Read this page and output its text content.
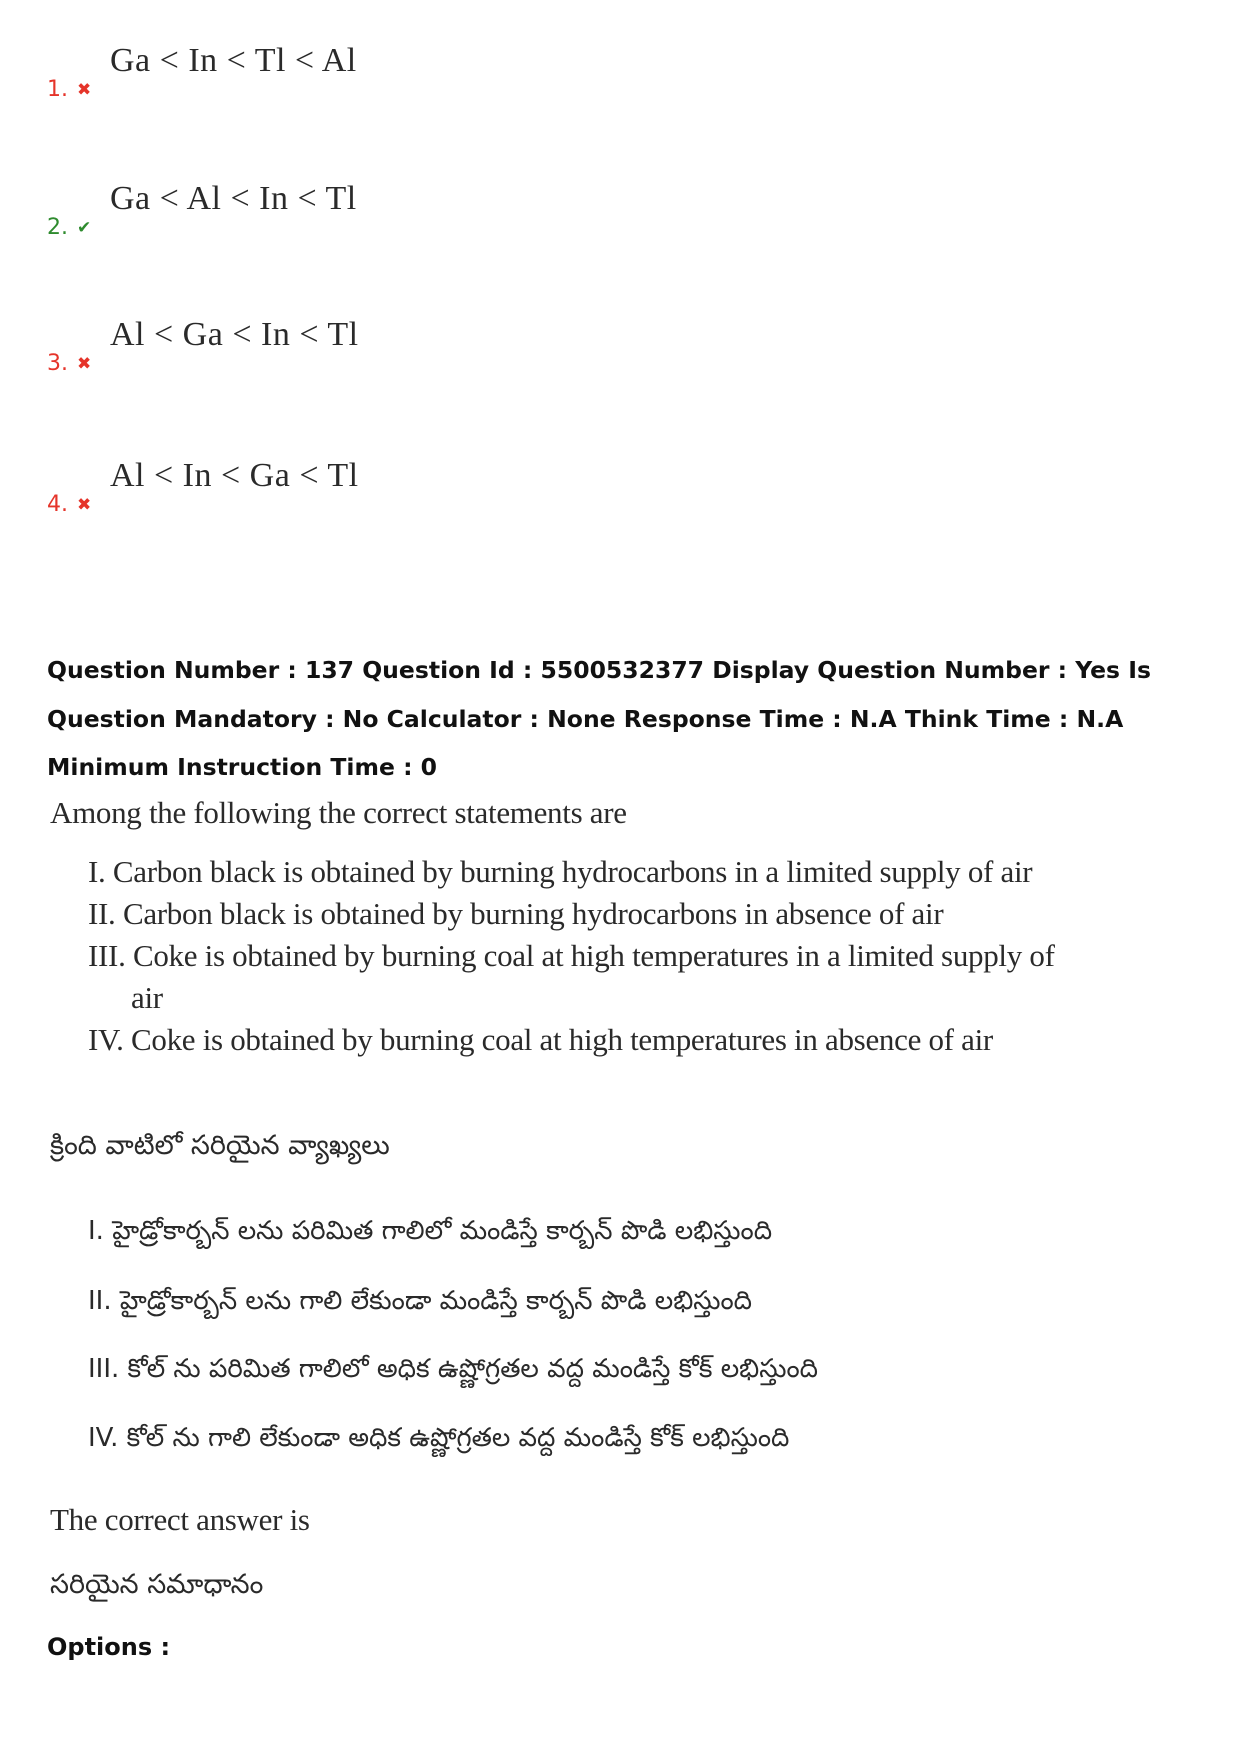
1. ✖
Ga < In < Tl < Al
2. ✔
Ga < Al < In < Tl
3. ✖
Al < Ga < In < Tl
4. ✖
Al < In < Ga < Tl
Question Number : 137 Question Id : 5500532377 Display Question Number : Yes Is Question Mandatory : No Calculator : None Response Time : N.A Think Time : N.A Minimum Instruction Time : 0
Among the following the correct statements are
I. Carbon black is obtained by burning hydrocarbons in a limited supply of air
II. Carbon black is obtained by burning hydrocarbons in absence of air
III. Coke is obtained by burning coal at high temperatures in a limited supply of
air
IV. Coke is obtained by burning coal at high temperatures in absence of air
క్రింది వాటిలో సరియైన వ్యాఖ్యలు
I. హైడ్రోకార్బన్ లను పరిమిత గాలిలో మండిస్తే కార్బన్ పొడి లభిస్తుంది
II. హైడ్రోకార్బన్ లను గాలి లేకుండా మండిస్తే కార్బన్ పొడి లభిస్తుంది
III. కోల్ ను పరిమిత గాలిలో అధిక ఉష్ణోగ్రతల వద్ద మండిస్తే కోక్ లభిస్తుంది
IV. కోల్ ను గాలి లేకుండా అధిక ఉష్ణోగ్రతల వద్ద మండిస్తే కోక్ లభిస్తుంది
The correct answer is
సరియైన సమాధానం
Options :
